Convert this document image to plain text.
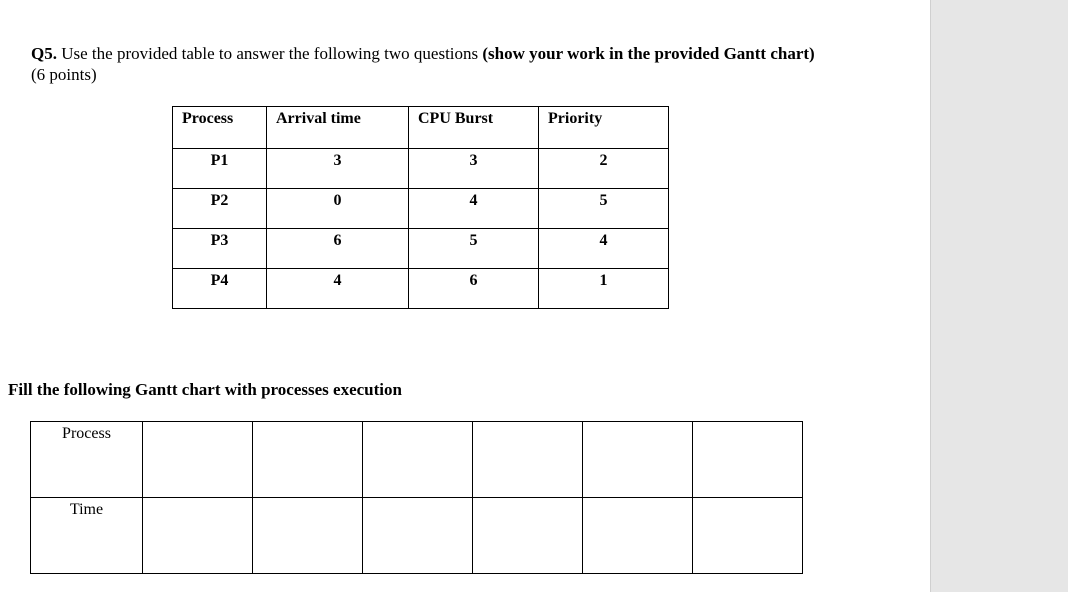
Q5. Use the provided table to answer the following two questions (show your work in the provided Gantt chart) (6 points)
Process	Arrival time	CPU Burst	Priority
P1	3	3	2
P2	0	4	5
P3	6	5	4
P4	4	6	1
Fill the following Gantt chart with processes execution
Process						
Time						
